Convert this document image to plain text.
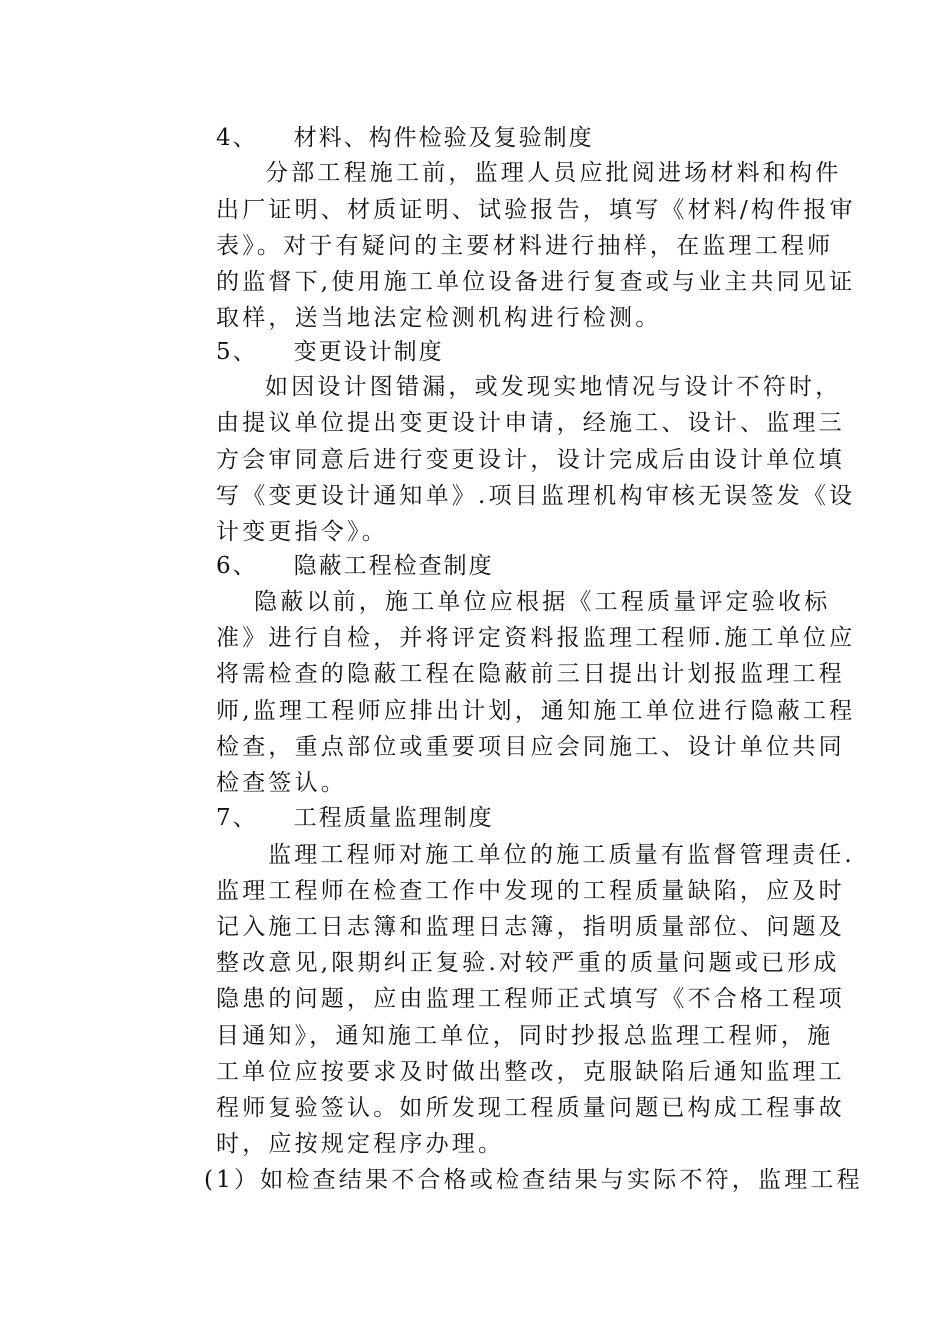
4、 材料、构件检验及复验制度
分部工程施工前，监理人员应批阅进场材料和构件
出厂证明、材质证明、试验报告，填写《材料/构件报审
表》。对于有疑问的主要材料进行抽样，在监理工程师
的监督下,使用施工单位设备进行复查或与业主共同见证
取样，送当地法定检测机构进行检测。
5、 变更设计制度
如因设计图错漏，或发现实地情况与设计不符时，
由提议单位提出变更设计申请，经施工、设计、监理三
方会审同意后进行变更设计，设计完成后由设计单位填
写《变更设计通知单》.项目监理机构审核无误签发《设
计变更指令》。
6、 隐蔽工程检查制度
隐蔽以前，施工单位应根据《工程质量评定验收标
准》进行自检，并将评定资料报监理工程师.施工单位应
将需检查的隐蔽工程在隐蔽前三日提出计划报监理工程
师,监理工程师应排出计划，通知施工单位进行隐蔽工程
检查，重点部位或重要项目应会同施工、设计单位共同
检查签认。
7、 工程质量监理制度
监理工程师对施工单位的施工质量有监督管理责任.
监理工程师在检查工作中发现的工程质量缺陷，应及时
记入施工日志簿和监理日志簿，指明质量部位、问题及
整改意见,限期纠正复验.对较严重的质量问题或已形成
隐患的问题，应由监理工程师正式填写《不合格工程项
目通知》，通知施工单位，同时抄报总监理工程师，施
工单位应按要求及时做出整改，克服缺陷后通知监理工
程师复验签认。如所发现工程质量问题已构成工程事故
时，应按规定程序办理。
(1）如检查结果不合格或检查结果与实际不符，监理工程
